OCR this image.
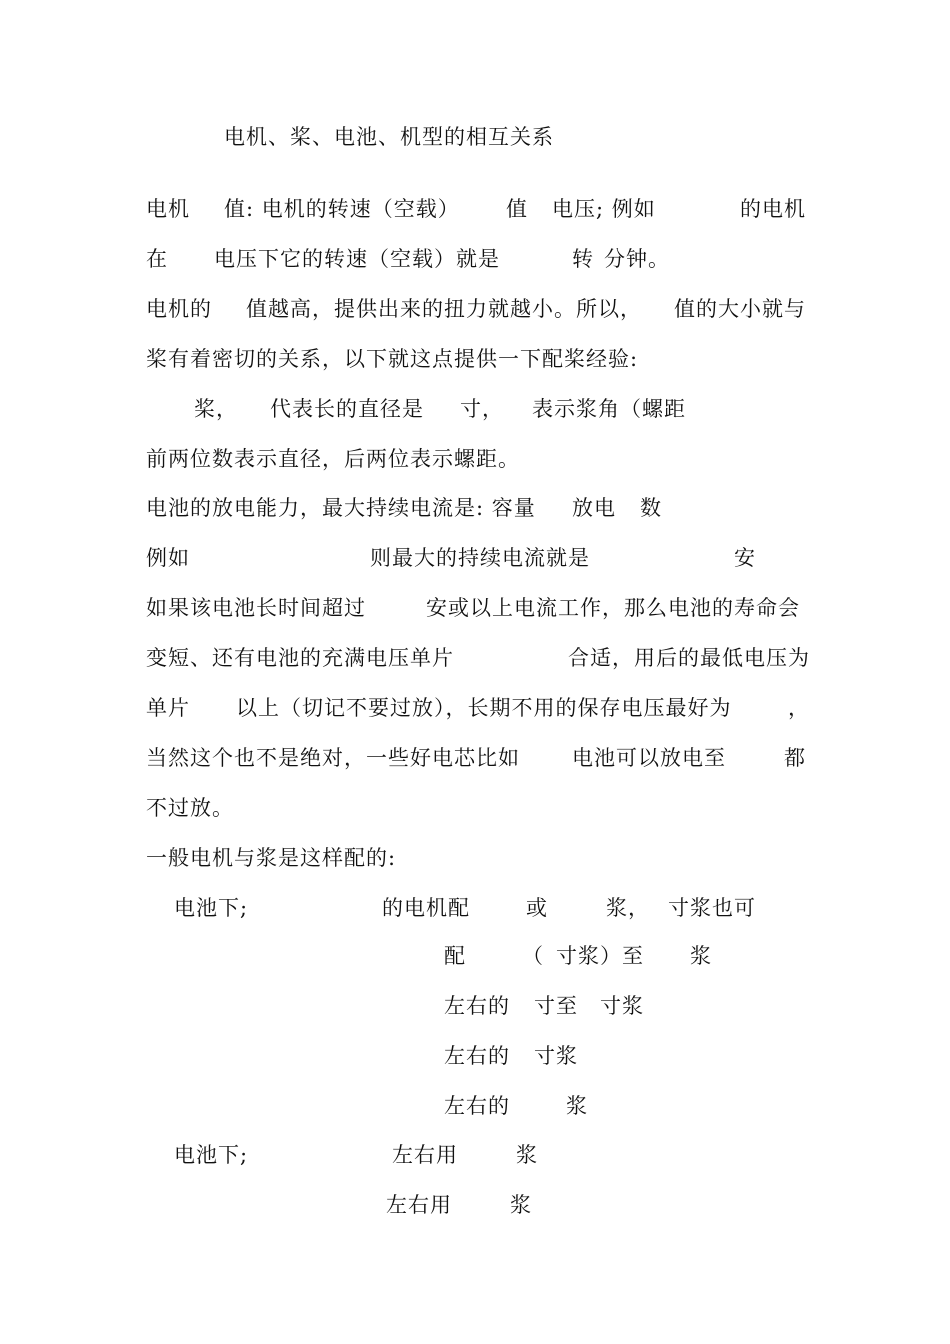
电机、桨、电池、机型的相互关系
电机 值: 电机的转速（空载） 值 电压; 例如	的电机
在 电压下它的转速（空载）就是	转 分钟。
电机的 值越高，提供出来的扭力就越小。所以， 值的大小就与
桨有着密切的关系，以下就这点提供一下配桨经验:
桨， 代表长的直径是 寸， 表示浆角（螺距
前两位数表示直径，后两位表示螺距。
电池的放电能力，最大持续电流是: 容量 放电 数
例如	则最大的持续电流就是	安
如果该电池长时间超过	安或以上电流工作，那么电池的寿命会
变短、还有电池的充满电压单片	合适，用后的最低电压为
单片 以上（切记不要过放），长期不用的保存电压最好为	，
当然这个也不是绝对，一些好电芯比如 电池可以放电至	都
不过放。
一般电机与浆是这样配的:
电池下;	的电机配	或	浆， 寸浆也可
配	（ 寸浆）至 浆
左右的 寸至 寸浆
左右的 寸浆
左右的	浆
电池下;	左右用	浆
左右用	浆
